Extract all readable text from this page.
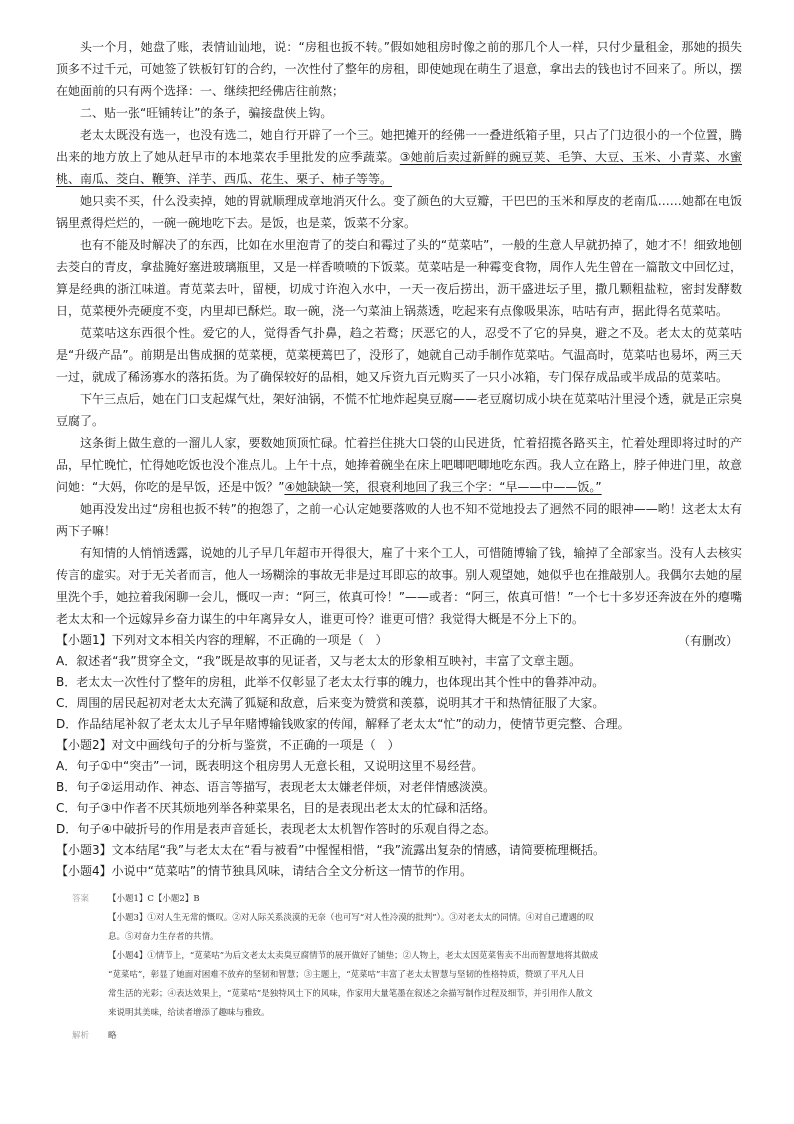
头一个月，她盘了账，表情讪讪地，说：“房租也扳不转。”假如她租房时像之前的那几个人一样，只付少量租金，那她的损失顶多不过千元，可她签了铁板钉钉的合约，一次性付了整年的房租，即使她现在萌生了退意，拿出去的钱也讨不回来了。所以，摆在她面前的只有两个选择：一、继续把经佛店往前熬；

二、贴一张“旺铺转让”的条子，骗接盘侠上钩。

老太太既没有选一，也没有选二，她自行开辟了一个三。她把摊开的经佛一一叠进纸箱子里，只占了门边很小的一个位置，腾出来的地方放上了她从赶早市的本地菜农手里批发的应季蔬菜。③她前后卖过新鲜的豌豆荚、毛笋、大豆、玉米、小青菜、水蜜桃、南瓜、茭白、鞭笋、洋芋、西瓜、花生、栗子、柿子等等。

她只卖不买，什么没卖掉，她的胃就顺理成章地消灭什么。变了颜色的大豆瓣，干巴巴的玉米和厚皮的老南瓜……她都在电饭锅里煮得烂烂的，一碗一碗地吃下去。是饭，也是菜，饭菜不分家。

也有不能及时解决了的东西，比如在水里泡青了的茭白和霉过了头的“苋菜咕”，一般的生意人早就扔掉了，她才不！细致地刨去茭白的青皮，拿盐腌好塞进玻璃瓶里，又是一样香喷喷的下饭菜。苋菜咕是一种霉变食物，周作人先生曾在一篇散文中回忆过，算是经典的浙江味道。青苋菜去叶，留梗，切成寸许泡入水中，一天一夜后捞出，沥干盛进坛子里，撒几颗粗盐粒，密封发酵数日，苋菜梗外壳硬度不变，内里却已酥烂。取一碗，浇一勺菜油上锅蒸透，吃起来有点像吸果冻，咕咕有声，据此得名苋菜咕。

苋菜咕这东西很个性。爱它的人，觉得香气扑鼻，趋之若鹜；厌恶它的人，忍受不了它的异臭，避之不及。老太太的苋菜咕是“升级产品”。前期是出售成捆的苋菜梗，苋菜梗蔫巴了，没形了，她就自己动手制作苋菜咕。气温高时，苋菜咕也易坏，两三天一过，就成了稀汤寡水的落拓货。为了确保较好的品相，她又斥资九百元购买了一只小冰箱，专门保存成品或半成品的苋菜咕。

下午三点后，她在门口支起煤气灶，架好油锅，不慌不忙地炸起臭豆腐——老豆腐切成小块在苋菜咕汁里浸个透，就是正宗臭豆腐了。

这条街上做生意的一溜儿人家，要数她顶顶忙碌。忙着拦住挑大口袋的山民进货，忙着招揽各路买主，忙着处理即将过时的产品，早忙晚忙，忙得她吃饭也没个准点儿。上午十点，她捧着碗坐在床上吧唧吧唧地吃东西。我人立在路上，脖子伸进门里，故意问她：“大妈，你吃的是早饭，还是中饭？”④她缺缺一笑，很衰利地回了我三个字：“早——中——饭。”

她再没发出过“房租也扳不转”的抱怨了，之前一心认定她要落败的人也不知不觉地投去了迥然不同的眼神——哟！这老太太有两下子嘛！

有知情的人悄悄透露，说她的儿子早几年超市开得很大，雇了十来个工人，可惜随博输了钱，输掉了全部家当。没有人去核实传言的虚实。对于无关者而言，他人一场糊涂的事故无非是过耳即忘的故事。别人观望她，她似乎也在推敲别人。我偶尔去她的屋里洗个手，她拉着我闲聊一会儿，慨叹一声：“阿三，侬真可怜！”——或者：“阿三，侬真可惜！”一个七十多岁还奔波在外的瘪嘴老太太和一个远嫁异乡奋力谋生的中年离异女人，谁更可怜？谁更可惜？我觉得大概是不分上下的。

（有删改）

【小题1】下列对文本相关内容的理解，不正确的一项是（　）

A．叙述者“我”贯穿全文，“我”既是故事的见证者，又与老太太的形象相互映衬，丰富了文章主题。

B．老太太一次性付了整年的房租，此举不仅彰显了老太太行事的魄力，也体现出其个性中的鲁莽冲动。

C．周围的居民起初对老太太充满了狐疑和敌意，后来变为赞赏和羡慕，说明其才干和热情征服了大家。

D．作品结尾补叙了老太太儿子早年赌博输钱败家的传闻，解释了老太太“忙”的动力，使情节更完整、合理。

【小题2】对文中画线句子的分析与鉴赏，不正确的一项是（　）

A．句子①中“突击”一词，既表明这个租房男人无意长租，又说明这里不易经营。

B．句子②运用动作、神态、语言等描写，表现老太太嫌老伴烦，对老伴情感淡漠。

C．句子③中作者不厌其烦地列举各种菜果名，目的是表现出老太太的忙碌和活络。

D．句子④中破折号的作用是表声音延长，表现老太太机智作答时的乐观自得之态。

【小题3】文本结尾“我”与老太太在“看与被看”中惺惺相惜，“我”流露出复杂的情感，请简要梳理概括。

【小题4】小说中“苋菜咕”的情节独具风味，请结合全文分析这一情节的作用。

答案	【小题1】C【小题2】B

【小题3】①对人生无常的慨叹。②对人际关系淡漠的无奈（也可写“对人性冷漠的批判”）。③对老太太的同情。④对自己遭遇的叹

息。⑤对奋力生存者的共情。

【小题4】①情节上，“苋菜咕”为后文老太太卖臭豆腐情节的展开做好了铺垫；②人物上，老太太因苋菜售卖不出而智慧地将其做成

“苋菜咕”，彰显了她面对困难不放弃的坚韧和智慧；③主题上，“苋菜咕”丰富了老太太智慧与坚韧的性格特质，赞颂了平凡人日

常生活的光彩；④表达效果上，“苋菜咕”是独特风土下的风味，作家用大量笔墨在叙述之余描写制作过程及细节，并引用作人散文

来说明其美味，给读者增添了趣味与雅致。

解析	略
